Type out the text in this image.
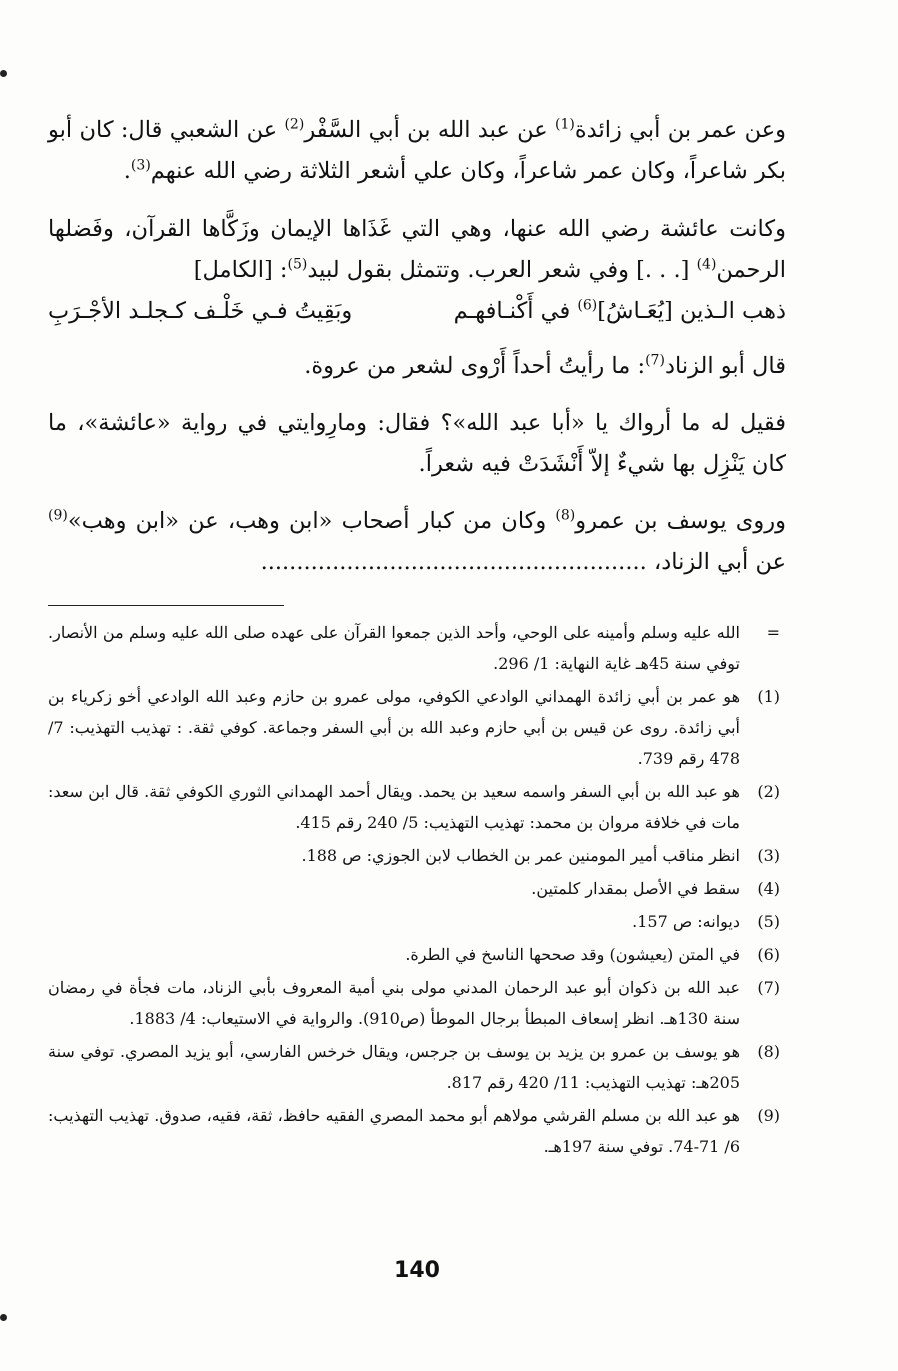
وعن عمر بن أبي زائدة$^{(1)}$ عن عبد الله بن أبي السَّفْر$^{(2)}$ عن الشعبي قال: كان أبو بكر شاعراً، وكان عمر شاعراً، وكان علي أشعر الثلاثة رضي الله عنهم$^{(3)}$.

وكانت عائشة رضي الله عنها، وهي التي غَذَاها الإيمان وزَكَّاها القرآن، وفَضلها الرحمن$^{(4)}$ [. . .] وفي شعر العرب. وتتمثل بقول لبيد$^{(5)}$: [الكامل]

ذهب الـذين [يُعَـاشُ]$^{(6)}$ في أَكْنـافهـم
وبَقِيتُ فـي خَلْـف كـجلـد الأجْـرَبِ

قال أبو الزناد$^{(7)}$: ما رأيتُ أحداً أَرْوى لشعر من عروة.

فقيل له ما أرواك يا «أبا عبد الله»؟ فقال: ومارِوايتي في رواية «عائشة»، ما كان يَنْزِل بها شيءٌ إلاّ أَنْشَدَتْ فيه شعراً.

وروى يوسف بن عمرو$^{(8)}$ وكان من كبار أصحاب «ابن وهب، عن «ابن وهب»$^{(9)}$ عن أبي الزناد، ......................................................

=
الله عليه وسلم وأمينه على الوحي، وأحد الذين جمعوا القرآن على عهده صلى الله عليه وسلم من الأنصار. توفي سنة 45هـ غاية النهاية: 1/ 296.
(1)
هو عمر بن أبي زائدة الهمداني الوادعي الكوفي، مولى عمرو بن حازم وعبد الله الوادعي أخو زكرياء بن أبي زائدة. روى عن قيس بن أبي حازم وعبد الله بن أبي السفر وجماعة. كوفي ثقة. : تهذيب التهذيب: 7/ 478 رقم 739.
(2)
هو عبد الله بن أبي السفر واسمه سعيد بن يحمد. ويقال أحمد الهمداني الثوري الكوفي ثقة. قال ابن سعد: مات في خلافة مروان بن محمد: تهذيب التهذيب: 5/ 240 رقم 415.
(3)
انظر مناقب أمير المومنين عمر بن الخطاب لابن الجوزي: ص 188.
(4)
سقط في الأصل بمقدار كلمتين.
(5)
ديوانه: ص 157.
(6)
في المتن (يعيشون) وقد صححها الناسخ في الطرة.
(7)
عبد الله بن ذكوان أبو عبد الرحمان المدني مولى بني أمية المعروف بأبي الزناد، مات فجأة في رمضان سنة 130هـ. انظر إسعاف المبطأ برجال الموطأ (ص910). والرواية في الاستيعاب: 4/ 1883.
(8)
هو يوسف بن عمرو بن يزيد بن يوسف بن جرجس، ويقال خرخس الفارسي، أبو يزيد المصري. توفي سنة 205هـ: تهذيب التهذيب: 11/ 420 رقم 817.
(9)
هو عبد الله بن مسلم القرشي مولاهم أبو محمد المصري الفقيه حافظ، ثقة، فقيه، صدوق. تهذيب التهذيب: 6/ 71-74. توفي سنة 197هـ.
140
